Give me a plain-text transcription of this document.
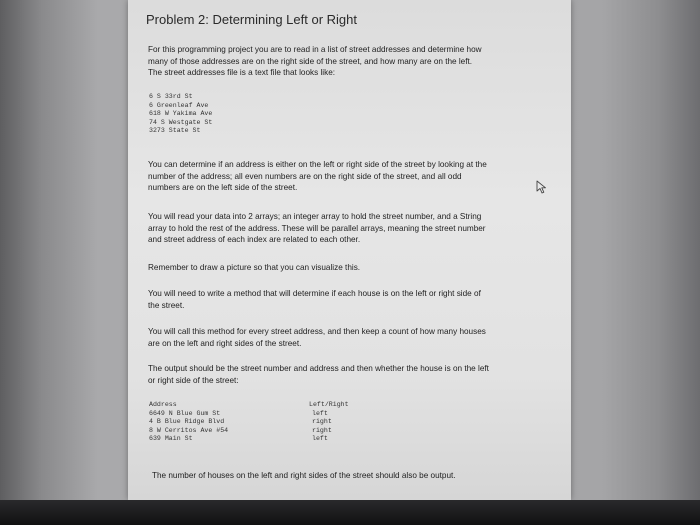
Problem 2: Determining Left or Right
For this programming project you are to read in a list of street addresses and determine how
many of those addresses are on the right side of the street, and how many are on the left.
The street addresses file is a text file that looks like:
6 S 33rd St
6 Greenleaf Ave
618 W Yakima Ave
74 S Westgate St
3273 State St
You can determine if an address is either on the left or right side of the street by looking at the
number of the address; all even numbers are on the right side of the street, and all odd
numbers are on the left side of the street.
You will read your data into 2 arrays; an integer array to hold the street number, and a String
array to hold the rest of the address. These will be parallel arrays, meaning the street number
and street address of each index are related to each other.
Remember to draw a picture so that you can visualize this.
You will need to write a method that will determine if each house is on the left or right side of
the street.
You will call this method for every street address, and then keep a count of how many houses
are on the left and right sides of the street.
The output should be the street number and address and then whether the house is on the left
or right side of the street:
Address
6649 N Blue Gum St
4 B Blue Ridge Blvd
8 W Cerritos Ave #54
639 Main St
Left/Right
left
right
right
left
The number of houses on the left and right sides of the street should also be output.
